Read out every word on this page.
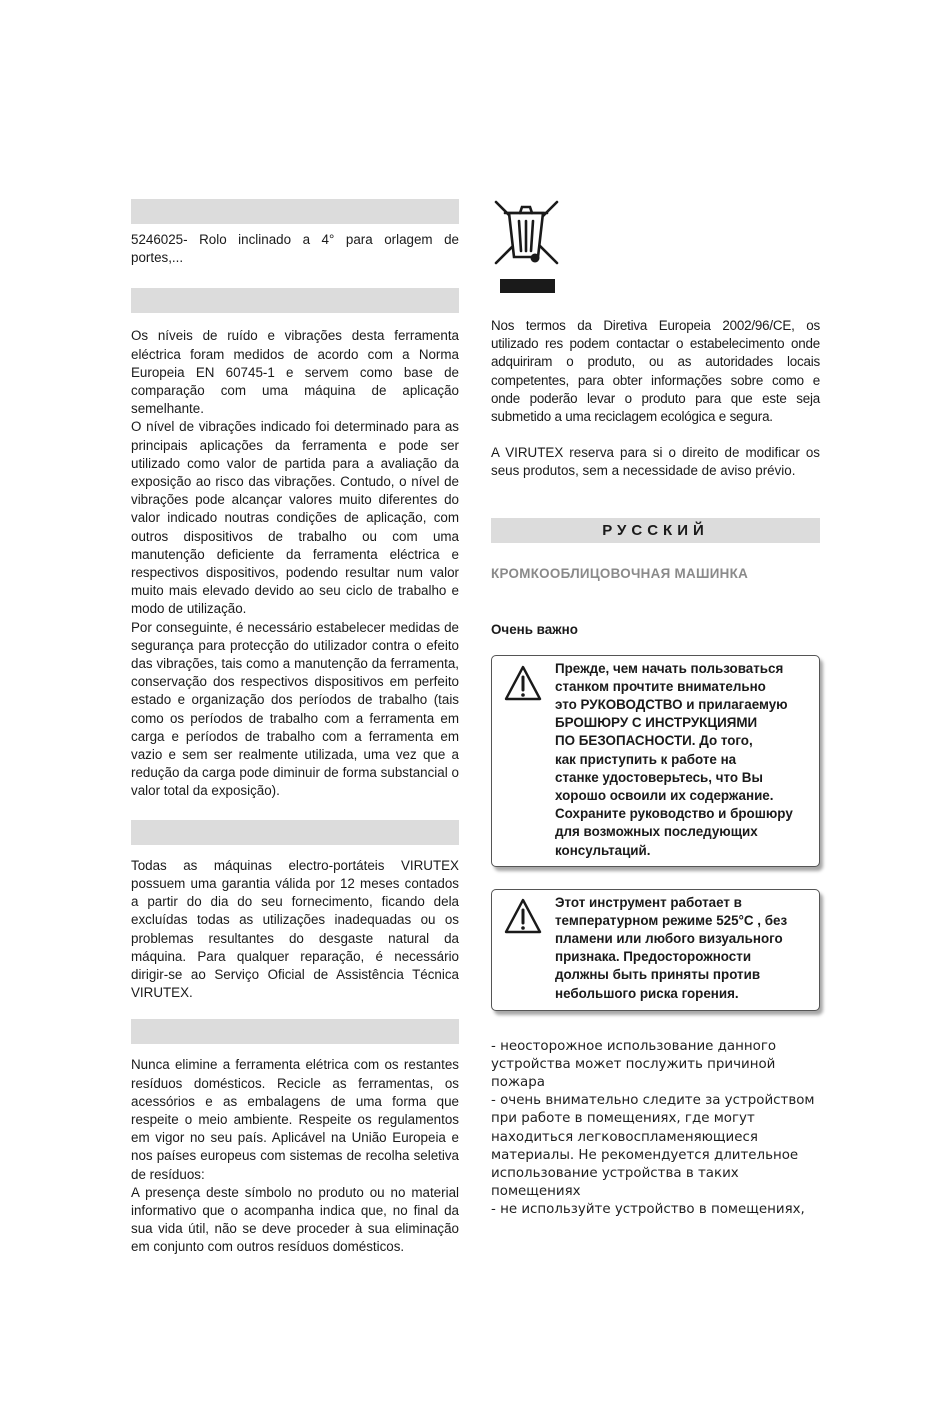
5246025- Rolo inclinado a 4° para orlagem de portes,...

Os níveis de ruído e vibrações desta ferramenta eléctrica foram medidos de acordo com a Norma Europeia EN 60745-1 e servem como base de comparação com uma máquina de aplicação semelhante.

O nível de vibrações indicado foi determinado para as principais aplicações da ferramenta e pode ser utilizado como valor de partida para a avaliação da exposição ao risco das vibrações. Contudo, o nível de vibrações pode alcançar valores muito diferentes do valor indicado noutras condições de aplicação, com outros dispositivos de trabalho ou com uma manutenção deficiente da ferramenta eléctrica e respectivos dispositivos, podendo resultar num valor muito mais elevado devido ao seu ciclo de trabalho e modo de utilização.

Por conseguinte, é necessário estabelecer medidas de segurança para protecção do utilizador contra o efeito das vibrações, tais como a manutenção da ferramenta, conservação dos respectivos dispositivos em perfeito estado e organização dos períodos de trabalho (tais como os períodos de trabalho com a ferramenta em carga e períodos de trabalho com a ferramenta em vazio e sem ser realmente utilizada, uma vez que a redução da carga pode diminuir de forma substancial o valor total da exposição).

Todas as máquinas electro-portáteis VIRUTEX possuem uma garantia válida por 12 meses contados a partir do dia do seu fornecimento, ficando dela excluídas todas as utilizações inadequadas ou os problemas resultantes do desgaste natural da máquina. Para qualquer reparação, é necessário dirigir-se ao Serviço Oficial de Assistência Técnica VIRUTEX.

Nunca elimine a ferramenta elétrica com os restantes resíduos domésticos. Recicle as ferramentas, os acessórios e as embalagens de uma forma que respeite o meio ambiente. Respeite os regulamentos em vigor no seu país. Aplicável na União Europeia e nos países europeus com sistemas de recolha seletiva de resíduos:

A presença deste símbolo no produto ou no material informativo que o acompanha indica que, no final da sua vida útil, não se deve proceder à sua eliminação em conjunto com outros resíduos domésticos.

Nos termos da Diretiva Europeia 2002/96/CE, os utilizado res podem contactar o estabelecimento onde adquiriram o produto, ou as autoridades locais competentes, para obter informações sobre como e onde poderão levar o produto para que este seja submetido a uma reciclagem ecológica e segura.

A VIRUTEX reserva para si o direito de modificar os seus produtos, sem a necessidade de aviso prévio.

РУССКИЙ
КРОМКООБЛИЦОВОЧНАЯ МАШИНКА
Очень важно
Прежде, чем начать пользоваться
станком прочтите внимательно
это РУКОВОДСТВО и прилагаемую
БРОШЮРУ С ИНСТРУКЦИЯМИ
ПО БЕЗОПАСНОСТИ. До того,
как приступить к работе на
станке удостоверьтесь, что Вы
хорошо освоили их содержание.
Сохраните руководство и брошюру
для возможных последующих
консультаций.
Этот инструмент работает в
температурном режиме 525°C , без
пламени или любого визуального
признака. Предосторожности
должны быть приняты против
небольшого риска горения.
- неосторожное использование данного
устройства может послужить причиной
пожара
- очень внимательно следите за устройством
при работе в помещениях, где могут
находиться легковоспламеняющиеся
материалы. Не рекомендуется длительное
использование устройства в таких
помещениях
- не используйте устройство в помещениях,
